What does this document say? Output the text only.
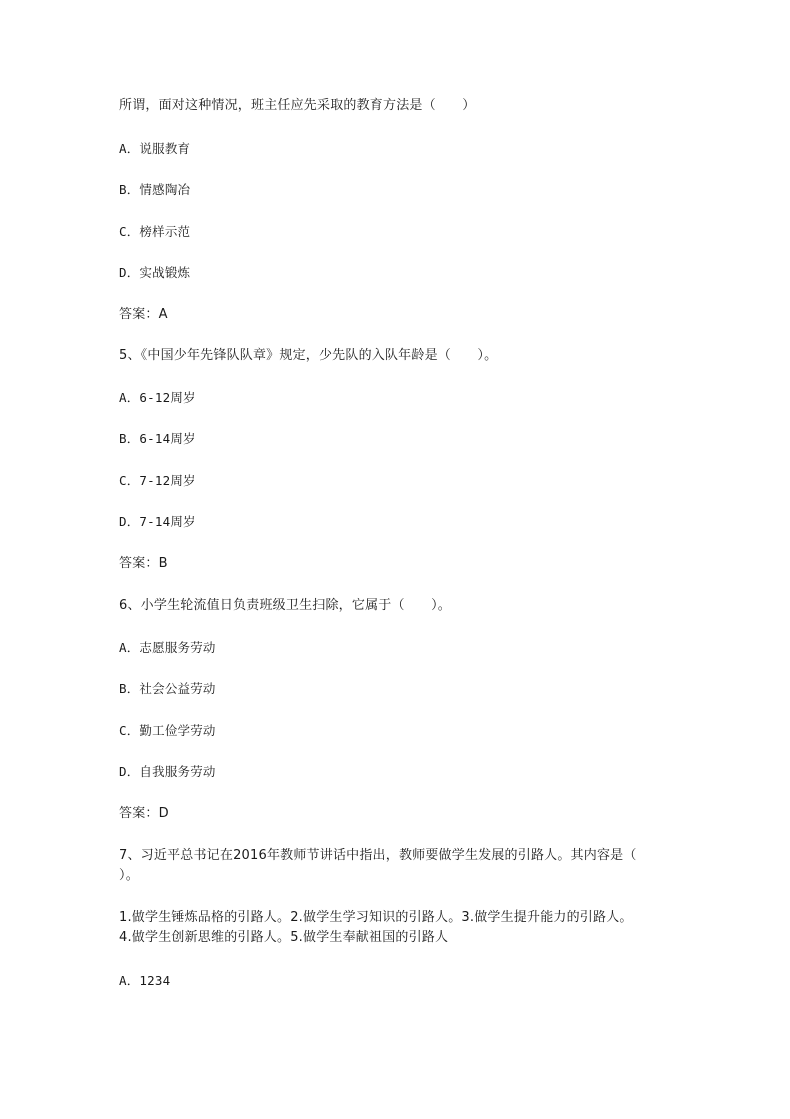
所谓，面对这种情况，班主任应先采取的教育方法是（　　）
A．说服教育
B．情感陶冶
C．榜样示范
D．实战锻炼
答案：A
5、《中国少年先锋队队章》规定，少先队的入队年龄是（　　）。
A．6-12周岁
B．6-14周岁
C．7-12周岁
D．7-14周岁
答案：B
6、小学生轮流值日负责班级卫生扫除，它属于（　　）。
A．志愿服务劳动
B．社会公益劳动
C．勤工俭学劳动
D．自我服务劳动
答案：D
7、习近平总书记在2016年教师节讲话中指出，教师要做学生发展的引路人。其内容是（
）。
1.做学生锤炼品格的引路人。2.做学生学习知识的引路人。3.做学生提升能力的引路人。
4.做学生创新思维的引路人。5.做学生奉献祖国的引路人
A．1234
